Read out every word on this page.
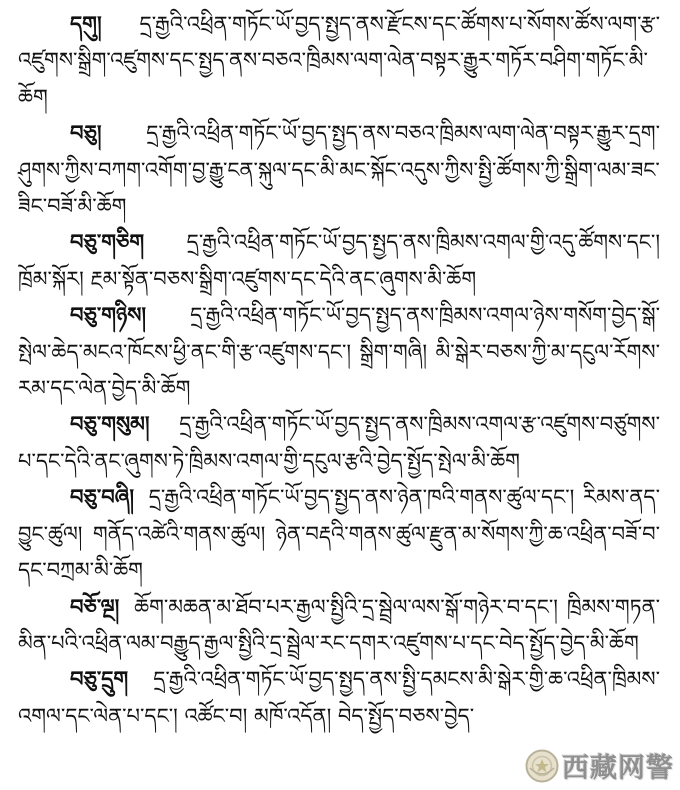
དགུ། དྲ་རྒྱའི་འཕྲིན་གཏོང་ཡོ་བྱད་སྤྱད་ནས་རྫོངས་དང་ཚོགས་པ་སོགས་ཚོས་ལག་རྩ་འཛུགས་སྒྲིག་འཛུགས་དང་སྤྱད་ནས་བཅའ་ཁྲིམས་ལག་ལེན་བསྟར་རྒྱུར་གཏོར་བཤིག་གཏོང་མི་ཆོག

བཅུ། དྲ་རྒྱའི་འཕྲིན་གཏོང་ཡོ་བྱད་སྤྱད་ནས་བཅའ་ཁྲིམས་ལག་ལེན་བསྟར་རྒྱུར་དྲག་ཤུགས་ཀྱིས་བཀག་འགོག་བྱ་རྒྱུ་ངན་སྐུལ་དང་མི་མང་སྐོང་འདུས་ཀྱིས་སྤྱི་ཚོགས་ཀྱི་སྒྲིག་ལམ་ཟང་ཟིང་བཟོ་མི་ཆོག

བཅུ་གཅིག དྲ་རྒྱའི་འཕྲིན་གཏོང་ཡོ་བྱད་སྤྱད་ནས་ཁྲིམས་འགལ་གྱི་འདུ་ཚོགས་དང་། ཁྲོམ་སྐོར། རྔམ་སྟོན་བཅས་སྒྲིག་འཛུགས་དང་དེའི་ནང་ཞུགས་མི་ཆོག

བཅུ་གཉིས། དྲ་རྒྱའི་འཕྲིན་གཏོང་ཡོ་བྱད་སྤྱད་ནས་ཁྲིམས་འགལ་ཉེས་གསོག་བྱེད་སྒོ་སྤེལ་ཆེད་མངའ་ཁོངས་ཕྱི་ནང་གི་རྩ་འཛུགས་དང་། སྒྲིག་གཞི། མི་སྒེར་བཅས་ཀྱི་མ་དངུལ་རོགས་རམ་དང་ལེན་བྱེད་མི་ཆོག

བཅུ་གསུམ། དྲ་རྒྱའི་འཕྲིན་གཏོང་ཡོ་བྱད་སྤྱད་ནས་ཁྲིམས་འགལ་རྩ་འཛུགས་བཙུགས་པ་དང་དེའི་ནང་ཞུགས་ཏེ་ཁྲིམས་འགལ་གྱི་དངུལ་རྩའི་བྱེད་སྤྱོད་སྤེལ་མི་ཆོག

བཅུ་བཞི། དྲ་རྒྱའི་འཕྲིན་གཏོང་ཡོ་བྱད་སྤྱད་ནས་ཉེན་ཁའི་གནས་ཚུལ་དང་། རིམས་ནད་བྱུང་ཚུལ། གནོད་འཚེའི་གནས་ཚུལ། ཉེན་བརྡའི་གནས་ཚུལ་རྫུན་མ་སོགས་ཀྱི་ཆ་འཕྲིན་བཟོ་བ་དང་བཀྲམ་མི་ཆོག

བཅོ་ལྔ། ཆོག་མཆན་མ་ཐོབ་པར་རྒྱལ་སྤྱིའི་དྲ་སྦྲེལ་ལས་སྒོ་གཉེར་བ་དང་། ཁྲིམས་གཏན་མིན་པའི་འཕྲིན་ལམ་བརྒྱུད་རྒྱལ་སྤྱིའི་དྲ་སྦྲེལ་རང་དགར་འཛུགས་པ་དང་བེད་སྤྱོད་བྱེད་མི་ཆོག

བཅུ་དྲུག དྲ་རྒྱའི་འཕྲིན་གཏོང་ཡོ་བྱད་སྤྱད་ནས་སྤྱི་དམངས་མི་སྒེར་གྱི་ཆ་འཕྲིན་ཁྲིམས་འགལ་དང་ལེན་པ་དང་། འཚོང་བ། མཁོ་འདོན། བེད་སྤྱོད་བཅས་བྱེད་

西藏网警
